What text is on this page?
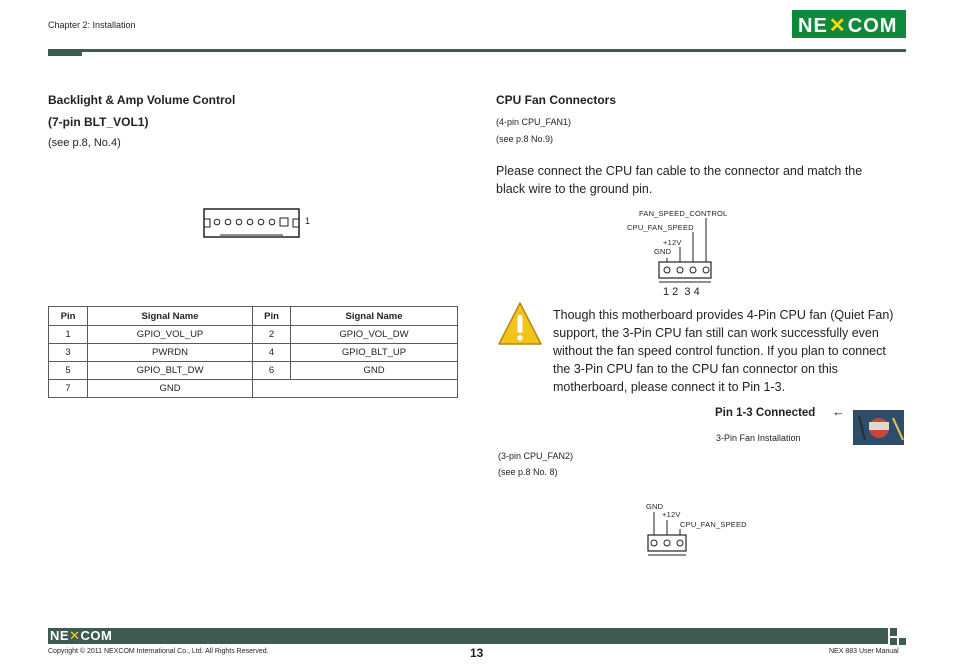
Chapter 2: Installation	NE✕COM
Backlight & Amp Volume Control
(7-pin BLT_VOL1)
(see p.8, No.4)
1
Pin	Signal Name	Pin	Signal Name
1	GPIO_VOL_UP	2	GPIO_VOL_DW
3	PWRDN	4	GPIO_BLT_UP
5	GPIO_BLT_DW	6	GND
7	GND		
CPU Fan Connectors
(4-pin CPU_FAN1)
(see p.8 No.9)
Please connect the CPU fan cable to the connector and match the black wire to the ground pin.
FAN_SPEED_CONTROL
CPU_FAN_SPEED
+12V
GND
1 2  3 4
Though this motherboard provides 4-Pin CPU fan (Quiet Fan) support, the 3-Pin CPU fan still can work successfully even without the fan speed control function. If you plan to connect the 3-Pin CPU fan to the CPU fan connector on this motherboard, please connect it to Pin 1-3.
Pin 1-3 Connected ←
3-Pin Fan Installation
(3-pin CPU_FAN2)
(see p.8 No. 8)
GND
+12V
CPU_FAN_SPEED
NE✕COM
Copyright © 2011 NEXCOM International Co., Ltd. All Rights Reserved.	13	NEX 883 User Manual
